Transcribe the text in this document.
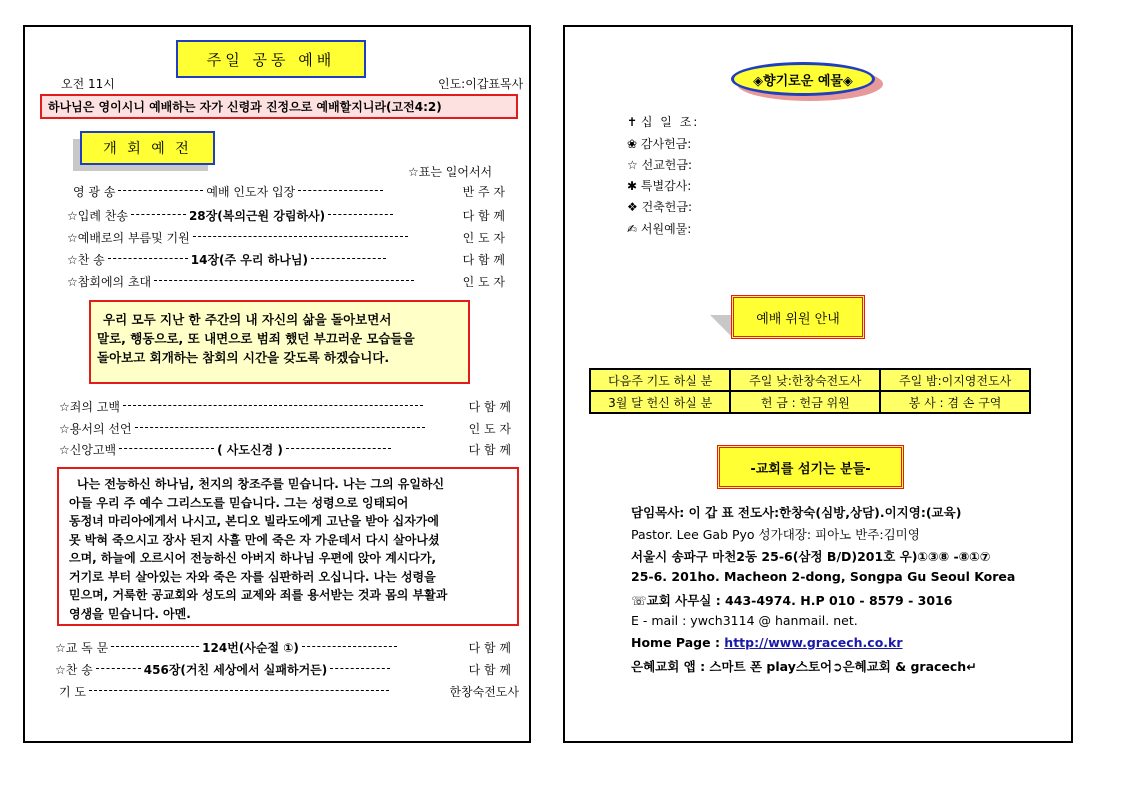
주일 공동 예배
오전 11시	인도:이갑표목사
하나님은 영이시니 예배하는 자가 신령과 진정으로 예배할지니라(고전4:2)
개 회 예 전
☆표는 일어서서
영 광 송	예배 인도자 입장	반 주 자
☆입례 찬송	28장(복의근원 강림하사)	다 함 께
☆예배로의 부름및 기원	인 도 자
☆찬 송	14장(주 우리 하나님)	다 함 께
☆참회에의 초대	인 도 자
우리 모두 지난 한 주간의 내 자신의 삶을 돌아보면서
말로, 행동으로, 또 내면으로 범죄 했던 부끄러운 모습들을
돌아보고 회개하는 참회의 시간을 갖도록 하겠습니다.
☆죄의 고백	다 함 께
☆용서의 선언	인 도 자
☆신앙고백	( 사도신경 )	다 함 께
나는 전능하신 하나님, 천지의 창조주를 믿습니다. 나는 그의 유일하신
아들 우리 주 예수 그리스도를 믿습니다. 그는 성령으로 잉태되어
동정녀 마리아에게서 나시고, 본디오 빌라도에게 고난을 받아 십자가에
못 박혀 죽으시고 장사 된지 사흘 만에 죽은 자 가운데서 다시 살아나셨
으며, 하늘에 오르시어 전능하신 아버지 하나님 우편에 앉아 계시다가,
거기로 부터 살아있는 자와 죽은 자를 심판하러 오십니다. 나는 성령을
믿으며, 거룩한 공교회와 성도의 교제와 죄를 용서받는 것과 몸의 부활과
영생을 믿습니다. 아멘.
☆교 독 문	124번(사순절 ①)	다 함 께
☆찬 송	456장(거친 세상에서 실패하거든)	다 함 께
기 도	한창숙전도사
◈향기로운 예물◈
✝ 십 일 조:
❀ 감사헌금:
☆ 선교헌금:
✱ 특별감사:
❖ 건축헌금:
✍ 서원예물:
예배 위원 안내
다음주 기도 하실 분	주일 낮:한창숙전도사	주일 밤:이지영전도사
3월 달 헌신 하실 분	헌 금 : 헌금 위원	봉 사 : 겸 손 구역
-교회를 섬기는 분들-
담임목사: 이 갑 표 전도사:한창숙(심방,상담).이지영:(교육)
Pastor. Lee Gab Pyo 성가대장: 피아노 반주:김미영
서울시 송파구 마천2동 25-6(삼정 B/D)201호 우)①③⑧ -⑧①⑦
25-6. 201ho. Macheon 2-dong, Songpa Gu Seoul Korea
☏교회 사무실 : 443-4974. H.P 010 - 8579 - 3016
E - mail : ywch3114 @ hanmail. net.
Home Page : http://www.gracech.co.kr
은혜교회 앱 : 스마트 폰 play스토어➲은혜교회 & gracech↵
